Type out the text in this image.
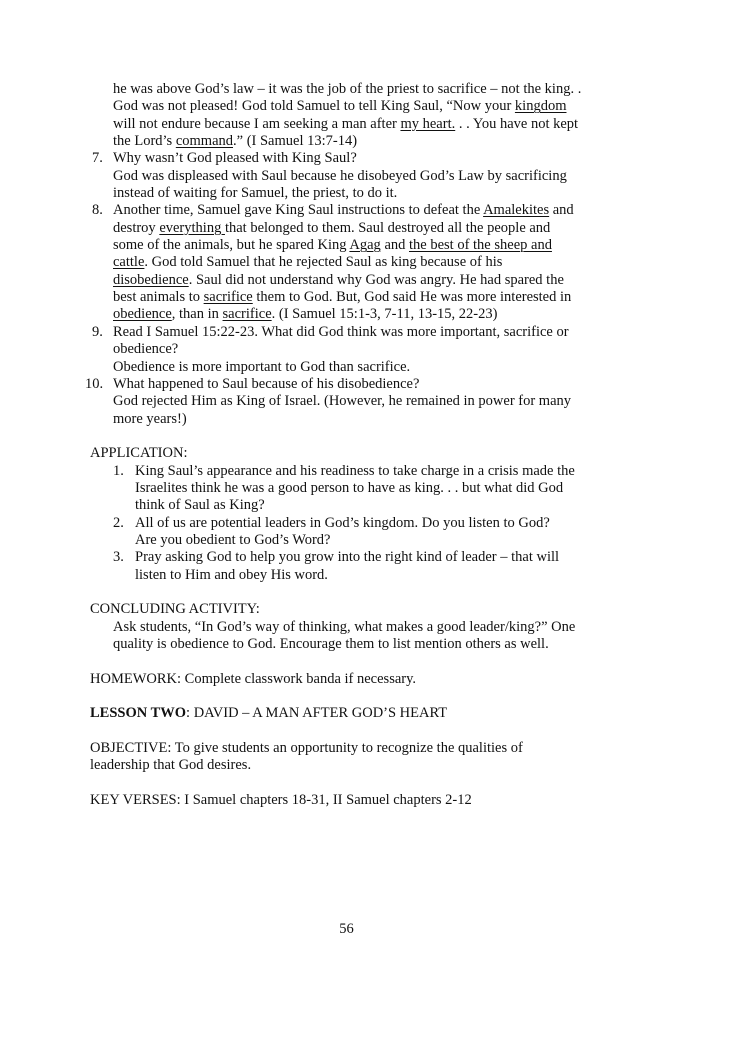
he was above God’s law – it was the job of the priest to sacrifice – not the king. .
God was not pleased! God told Samuel to tell King Saul, “Now your kingdom
will not endure because I am seeking a man after my heart. . . You have not kept
the Lord’s command.” (I Samuel 13:7-14)
7. Why wasn’t God pleased with King Saul?
God was displeased with Saul because he disobeyed God’s Law by sacrificing
instead of waiting for Samuel, the priest, to do it.
8. Another time, Samuel gave King Saul instructions to defeat the Amalekites and
destroy everything that belonged to them. Saul destroyed all the people and
some of the animals, but he spared King Agag and the best of the sheep and
cattle. God told Samuel that he rejected Saul as king because of his
disobedience. Saul did not understand why God was angry. He had spared the
best animals to sacrifice them to God. But, God said He was more interested in
obedience, than in sacrifice. (I Samuel 15:1-3, 7-11, 13-15, 22-23)
9. Read I Samuel 15:22-23. What did God think was more important, sacrifice or
obedience?
Obedience is more important to God than sacrifice.
10. What happened to Saul because of his disobedience?
God rejected Him as King of Israel. (However, he remained in power for many
more years!)
APPLICATION:
1. King Saul’s appearance and his readiness to take charge in a crisis made the
Israelites think he was a good person to have as king. . . but what did God
think of Saul as King?
2. All of us are potential leaders in God’s kingdom. Do you listen to God?
Are you obedient to God’s Word?
3. Pray asking God to help you grow into the right kind of leader – that will
listen to Him and obey His word.
CONCLUDING ACTIVITY:
Ask students, “In God’s way of thinking, what makes a good leader/king?” One
quality is obedience to God. Encourage them to list mention others as well.
HOMEWORK: Complete classwork banda if necessary.
LESSON TWO: DAVID – A MAN AFTER GOD’S HEART
OBJECTIVE: To give students an opportunity to recognize the qualities of
leadership that God desires.
KEY VERSES: I Samuel chapters 18-31, II Samuel chapters 2-12
56
